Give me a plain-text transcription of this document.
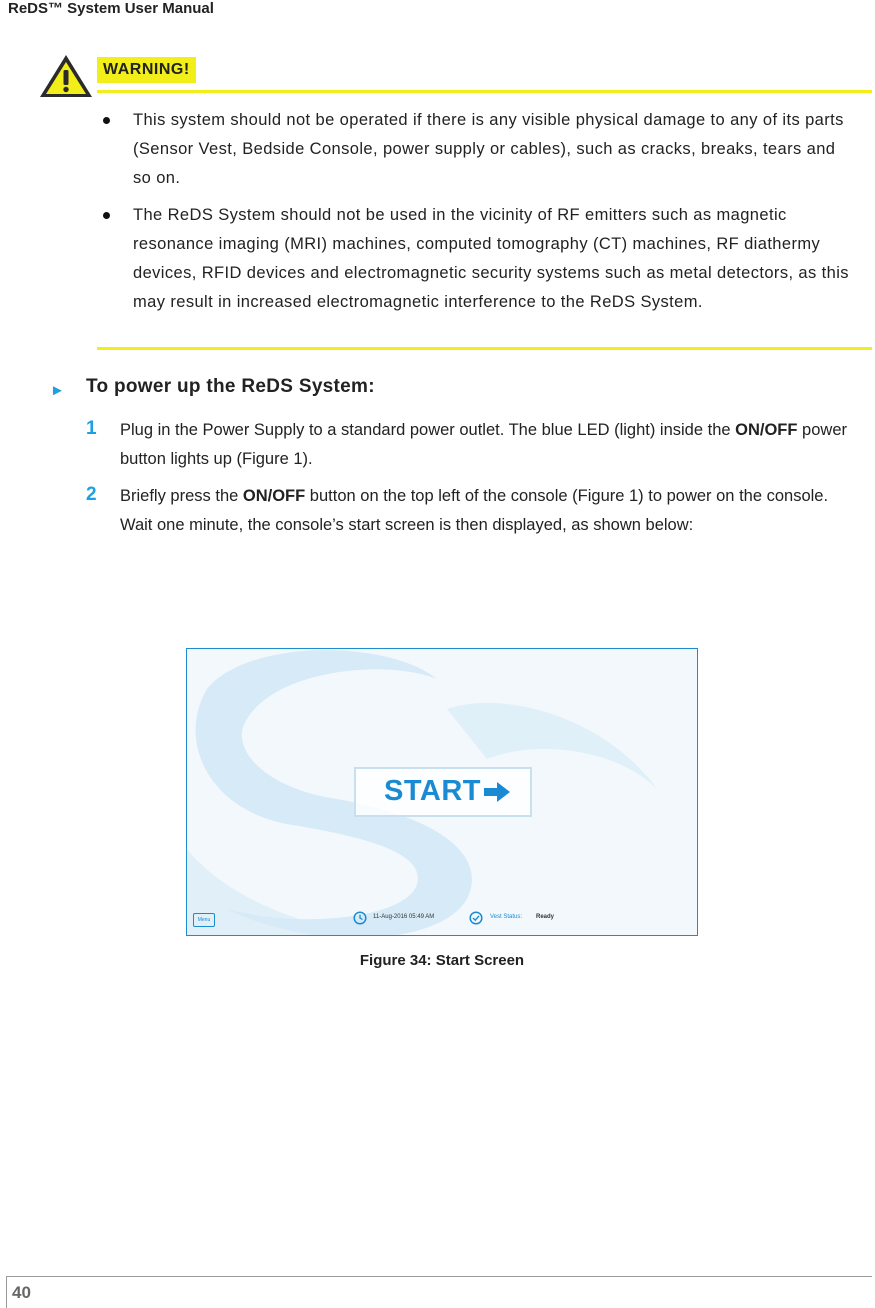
ReDS™ System User Manual
WARNING!
This system should not be operated if there is any visible physical damage to any of its parts (Sensor Vest, Bedside Console, power supply or cables), such as cracks, breaks, tears and so on.
The ReDS System should not be used in the vicinity of RF emitters such as magnetic resonance imaging (MRI) machines, computed tomography (CT) machines, RF diathermy devices, RFID devices and electromagnetic security systems such as metal detectors, as this may result in increased electromagnetic interference to the ReDS System.
► To power up the ReDS System:
1 Plug in the Power Supply to a standard power outlet. The blue LED (light) inside the ON/OFF power button lights up (Figure 1).
2 Briefly press the ON/OFF button on the top left of the console (Figure 1) to power on the console. Wait one minute, the console’s start screen is then displayed, as shown below:
START
Menu	11-Aug-2016 05:49 AM	Vest Status: Ready
Figure 34: Start Screen
40
